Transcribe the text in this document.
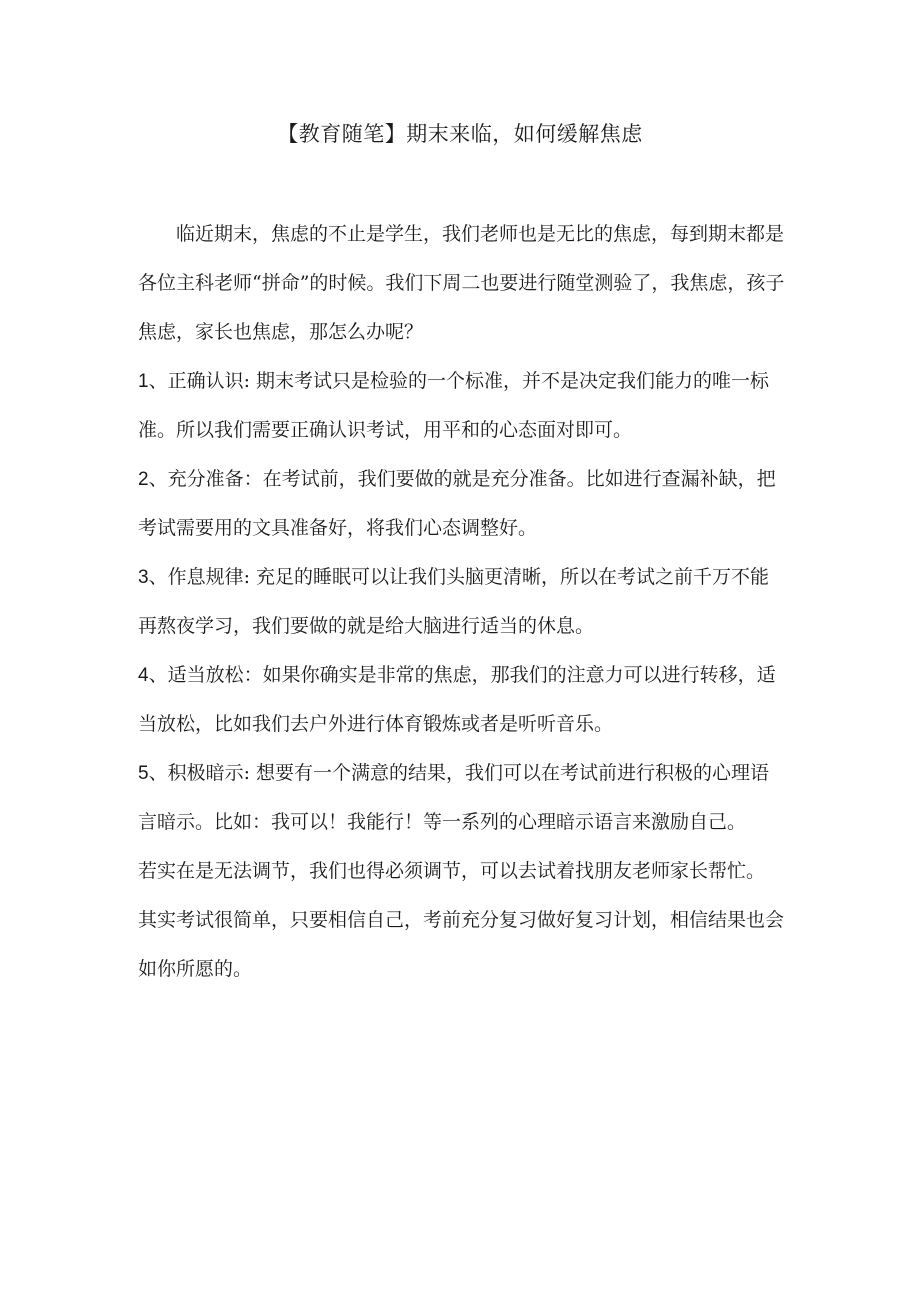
【教育随笔】期末来临，如何缓解焦虑

临近期末，焦虑的不止是学生，我们老师也是无比的焦虑，每到期末都是各位主科老师“拼命”的时候。我们下周二也要进行随堂测验了，我焦虑，孩子焦虑，家长也焦虑，那怎么办呢？

1、正确认识: 期末考试只是检验的一个标准，并不是决定我们能力的唯一标准。所以我们需要正确认识考试，用平和的心态面对即可。

2、充分准备：在考试前，我们要做的就是充分准备。比如进行查漏补缺，把考试需要用的文具准备好，将我们心态调整好。

3、作息规律: 充足的睡眠可以让我们头脑更清晰，所以在考试之前千万不能再熬夜学习，我们要做的就是给大脑进行适当的休息。

4、适当放松：如果你确实是非常的焦虑，那我们的注意力可以进行转移，适当放松，比如我们去户外进行体育锻炼或者是听听音乐。

5、积极暗示: 想要有一个满意的结果，我们可以在考试前进行积极的心理语言暗示。比如：我可以！我能行！等一系列的心理暗示语言来激励自己。

若实在是无法调节，我们也得必须调节，可以去试着找朋友老师家长帮忙。

其实考试很简单，只要相信自己，考前充分复习做好复习计划，相信结果也会如你所愿的。
